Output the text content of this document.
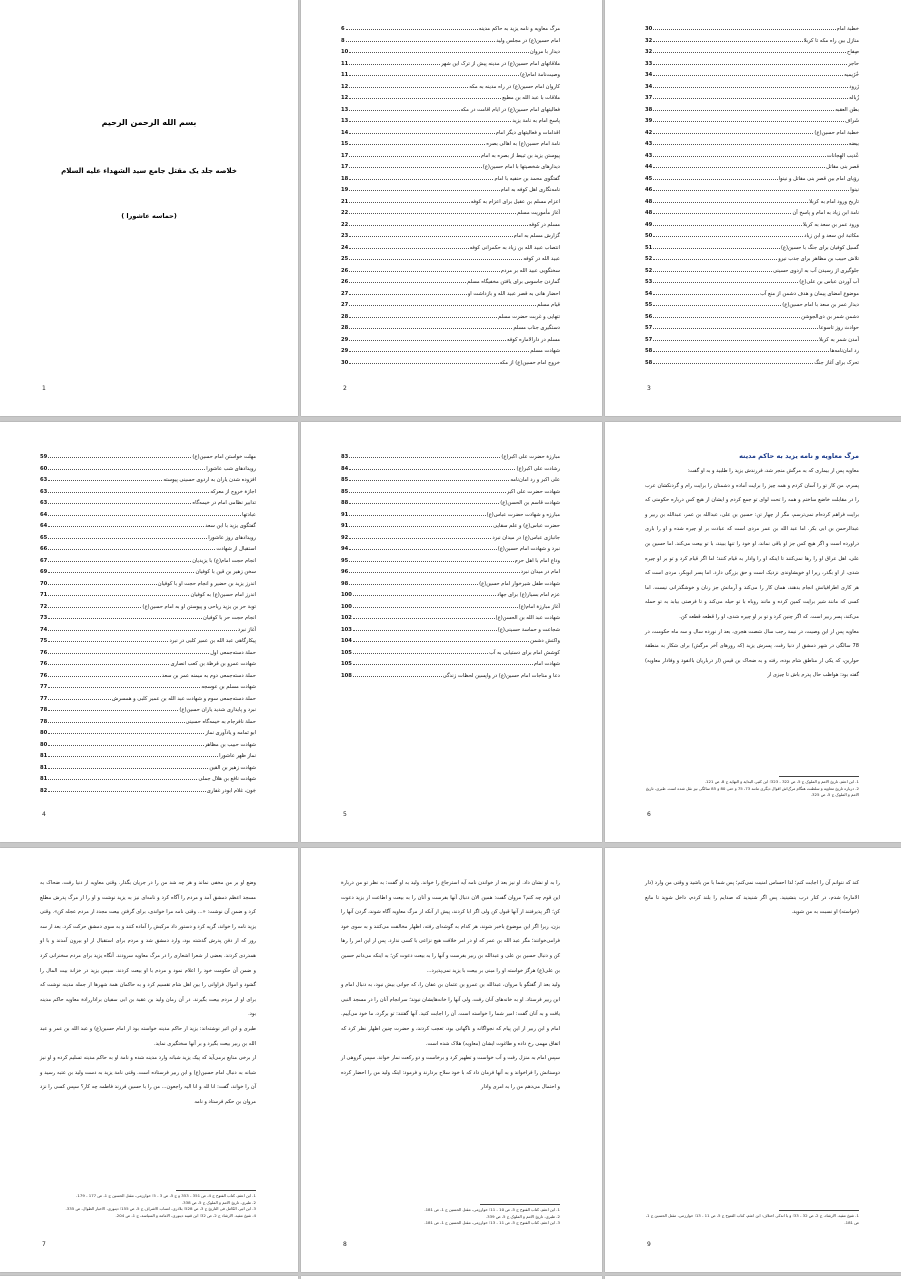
بسم الله الرحمن الرحيم
خلاصه جلد يک مقتل جامع سيد الشهداء عليه السلام
(حماسه عاشورا )
1
مرگ معاويه و نامه يزيد به حاکم مدينه
6
امام حسين(ع) در مجلس وليد
8
ديدار با مروان
10
ملاقاتهای امام حسين(ع) در مدينه پيش از ترک اين شهر
11
وصيت‌نامة امام(ع)
11
کاروان امام حسين(ع) در راه مدينه به مکه
12
ملاقات با عبد الله بن مطيع
12
فعاليتهای امام حسين(ع) در ايام اقامت در مکه
13
پاسخ امام به نامة يزيد
13
اقدامات و فعاليتهای ديگر امام
14
نامة امام حسين(ع) به اهالی بصره
15
پيوستن يزيد بن ثبيط از بصره به امام
17
ديدارهای شخصيتها با امام حسين(ع)
17
گفتگوی محمد بن حنفيه با امام
18
نامه‌نگاری اهل کوفه به امام
19
اعزام مسلم بن عقيل برای اعزام به کوفه
21
آغاز مأموريت مسلم
22
مسلم در کوفه
22
گزارش مسلم به امام
23
انتصاب عبيد الله بن زياد به حکمرانی کوفه
24
عبيد الله در کوفه
25
سخنگويی عبيد الله بر مردم
26
گماردن جاسوس برای يافتن مخفيگاه مسلم
26
احضار هانی به قصر عبيد الله و بازداشت او
27
قيام مسلم
27
تنهايی و غربت حضرت مسلم
28
دستگيری جناب مسلم
28
مسلم در دارالاماره کوفه
29
شهادت مسلم
29
خروج امام حسين(ع) از مکه
30
2
خطبة امام
30
منازل بين راه مکه تا کربلا
32
صِفاح
32
حاجر
33
خُزَيميه
34
زَرود
34
زُباله
37
بطن العقبه
38
شَراف
39
خطبة امام حسين(ع)
42
بيضه
43
عُذيب الهِجانات
43
قصر بنی مقاتل
44
رؤيای امام بين قصر بنی مقاتل و نينوا
45
نينوا
46
تاريخ ورود امام به کربلا
48
نامة ابن زياد به امام و پاسخ آن
48
ورود عمر بن سعد به کربلا
49
مکاتبة ابن سعد و ابن زياد
50
گسيل کوفيان برای جنگ با حسين(ع)
51
تلاش حبيب بن مظاهر برای جذب نيرو
52
جلوگيری از رسيدن آب به اردوی حسينی
52
آب آوردن عباس بن علی(ع)
53
موضوع امضای پيمان و هدف دشمن از منع آب
54
ديدار عمر بن سعد با امام حسين(ع)
55
دشمن شمر بن ذی‌الجوشن
56
حوادث روز تاسوعا
57
آمدن شمر به کربلا
57
رد امان‌نامه‌ها
58
تحرک برای آغاز جنگ
58
3
مهلت خواستن امام حسين(ع)
59
رويدادهای شب عاشورا
60
افزوده شدن ياران به اردوی حسينی پيوسته
63
اجازة خروج از معرکه
63
تدابير نظامی امام در خيمه‌گاه
63
عبادتها
64
گفتگوی يزيد با ابن سعد
64
رويدادهای روز عاشورا
65
استقبال از شهادت
66
انجام حجت امام(ع) با يزيديان
67
سخن زهير بن قين با کوفيان
69
اندرز يزيد بن حضير و انجام حجت او با کوفيان
70
اندرز امام حسين(ع) به کوفيان
71
توبة حر بن يزيد رياحی و پيوستن او به امام حسين(ع)
72
انجام حجت حر با کوفيان
73
آغاز نبرد
74
پيکارگاهی عبد الله بن عمير کلبی در نبرد
75
حملة دسته‌جمعی اول
76
شهادت عمرو بن قرظة بن کعب انصاری
76
حملة دسته‌جمعی دوم به ميمنه عمر بن سعد
76
شهادت مسلم بن عوسجه
77
حملة دسته‌جمعی سوم و شهادت عبد الله بن عمير کلبی و همسرش
77
نبرد و پايداری شديد ياران حسين(ع)
78
حملة نافرجام به خيمه‌گاه حسينی
78
ابو ثمامه و يادآوری نماز
80
شهادت حبيب بن مظاهر
80
نماز ظهر عاشورا
81
شهادت زهير بن القين
81
شهادت نافع بن هلال جملی
81
جَون، غلام ابوذر غفاری
82
4
مبارزة حضرت علی اکبر(ع)
83
رشادت علی اکبر(ع)
84
علی اکبر و رد امان‌نامه
85
شهادت حضرت علی اکبر
85
شهادت قاسم بن الحسن(ع)
88
مبارزه و شهادت حضرت عباس(ع)
91
حضرت عباس(ع) و علم سقايی
91
جانبازی عباس(ع) در ميدان نبرد
92
نبرد و شهادت امام حسين(ع)
94
وداع امام با اهل حرم
95
امام در ميدان نبرد
96
شهادت طفل شيرخوار امام حسين(ع)
98
عزم امام بسيار(ع) برای جهاد
100
آغاز مبارزة امام(ع)
100
شهادت عبد الله بن الحسن(ع)
102
شجاعت و حماسة حسينی(ع)
103
واکنش دشمن
104
کوشش امام برای دستيابی به آب
105
شهادت امام
105
دعا و مناجات امام حسين(ع) در واپسين لحظات زندگی
108
5
مرگ معاويه و نامه يزيد به حاکم مدينه
معاويه پس از بيماری که به مرگش منجر شد، فرزندش يزيد را طلبيد و به او گفت:
پسرم، من کار تو را آسان کردم و همه چيز را برايت آماده و دشمنان را برايت رام و گردنکشان عرب را در مقابلت خاضع ساختم و همه را تحت لوای تو جمع کردم و ايشان از هيچ کس درباره حکومتی که برايت فراهم کرده‌ام نمی‌ترسم، مگر از چهار تن: حسين بن علی، عبدالله بن عمر، عبدالله بن زبير و عبدالرحمن بن ابی بکر. اما عبد الله بن عمر مردی است که عبادت بر او چيره شده و او را بازی دراورده است و اگر هيچ کس جز او باقی نماند، او خود را تنها ببيند، با تو بيعت می‌کند. اما حسين بن علی، اهل عراق او را رها نمی‌کنند تا اينکه او را وادار به قيام کنند؛ اما اگر قيام کرد و تو بر او چيره شدی، از او بگذر، زيرا او خويشاوندی نزديک است و حق بزرگی دارد. اما پسر ابوبکر، مردی است که هر کاری اطرافيانش انجام بدهند، همان کار را می‌کند و آرمانش جز زنان و خوشگذرانی نيست. اما کسی که مانند شير برايت کمين کرده و مانند روباه با تو حيله می‌کند و تا فرصتی بيابد به تو حمله می‌کند، پسر زبير است. که اگر چنين کرد و تو بر او چيره شدی، او را قطعه قطعه کن.
معاويه پس از اين وصيت، در نيمة رجب سال شصت هجری، بعد از نوزده سال و سه ماه حکومت، در 78 سالگی در شهر دمشق از دنيا رفت. پسرش يزيد (که روزهای آخر مرگش) برای شکار به منطقة حوارين، که يکی از مناطق شام بوده، رفته و به ضحاک بن قيس (از درباريان باانفوذ و وفادار معاويه) گفته بود: هواظب حال پدرم باش تا چيزی از
1. ابن اعثم، تاريخ الامم و الملوک ج 5، ص 322 - 323؛ ابن کثير، البداية و النهاية ج 8، ص 121.
2. درباره تاريخ معاويه و سلطنت هنگام مرگ‌اش اقوال ديگری مانند 73، 75 و حتی 80 و 85 سالگی نيز نقل شده است. طبری، تاريخ الامم و الملوک ج 5، ص 325.
6
وضع او بر من مخفی نماند و هر چه شد من را در جريان بگذار. وقتی معاويه از دنيا رفت، ضحاک به مسجد اعظم دمشق آمد و مردم را آگاه کرد و نامه‌ای نيز به يزيد نوشت و او را از مرگ پدرش مطلع کرد و ضمن آن نوشت: «... وقتی نامه مرا خواندی، برای گرفتن بيعت مجدد از مردم عجله کن». وقتی يزيد نامه را خواند، گريه کرد و دستور داد مرکبش را آماده کنند و به سوی دمشق حرکت کرد. بعد از سه روز که از دفن پدرش گذشته بود، وارد دمشق شد و مردم برای استقبال از او بيرون آمدند و با او همدردی کردند. بعضی از شعرا اشعاری را در مرگ معاويه سرودند. آنگاه يزيد برای مردم سخنرانی کرد و ضمن آن حکومت خود را اعلام نمود و مردم با او بيعت کردند. سپس يزيد در خزانة بيت المال را گشود و اموال فراوانی را بين اهل شام تقسيم کرد و به حاکمان همة شهرها از جمله مدينه نوشت که برای او از مردم بيعت بگيرند. در آن زمان وليد بن عقبة بن ابی سفيان براداررادة معاويه حاکم مدينه بود.
طبری و ابن اثير نوشته‌اند: يزيد از حاکم مدينه خواسته بود از امام حسين(ع) و عبد الله بن عمر و عبد الله بن زبير بيعت بگيرد و بر آنها سختگيری نمايد.
از برخی منابع برمی‌آيد که پيک يزيد شبانه وارد مدينه شده و نامة او به حاکم مدينه تسليم کرده و او نيز شبانه به دنبال امام حسين(ع) و ابن زبير فرستاده است. وقتی نامة يزيد به دست وليد بن عتبه رسيد و آن را خواند، گفت: انا لله و انا اليه راجعون... من را با حسين فرزند فاطمه چه کار؟ سپس کسی را نزد مروان بن حکم فرستاد و نامه
1. ابن اعثم، کتاب الفتوح ج 4، ص 351 - 353 و ج 5، ص 3 - 5؛ خوارزمی، مقتل الحسين ج 1، ص 177 - 179.
2. طبری، تاريخ الامم و الملوک ج 5، ص 338.
3. ابن اثير، الکامل فی التاريخ ج 3، ص 528؛ بلاذری، انساب الاشراف ج 5، ص 155؛ دينوری، الاخبار الطوال، ص 335.
4. شيخ مفيد، الارشاد ج 2، ص 32؛ ابن قتيبه دينوری، الامامة و السياسة، ج 1، ص 204.
7
را به او نشان داد. او نيز بعد از خواندن نامه آيه استرجاع را خواند. وليد به او گفت: به نظر تو من دربارة اين قوم چه کنم؟ مروان گفت: همين الان دنبال آنها بفرست و آنان را به بيعت و اطاعت از يزيد دعوت کن؛ اگر پذيرفتند از آنها قبول کن ولی اگر ابا کردند، پيش از آنکه از مرگ معاويه آگاه شوند، گردن آنها را بزن، زيرا اگر اين موضوع باخبر شوند، هر کدام به گوشه‌ای رفته، اظهار مخالفت می‌کنند و به سوی خود فرامی‌خوانند؛ مگر عبد الله بن عمر که او در امر خلافت هيچ نزاعی با کسی ندارد. پس از اين امر را رها کن و دنبال حسين بن علی و عبدالله بن زبير بفرست و آنها را به بيعت دعوت کن؛ به اينکه می‌دانم حسين بن علی(ع) هرگز خواسته او را مبنی بر بيعت با يزيد نمی‌پذيرد...
وليد بعد از گفتگو با مروان، عبدالله بن عمرو بن عثمان بن عفان را، که جوانی بيش نبود، به دنبال امام و ابن زبير فرستاد. او به خانه‌های آنان رفت، ولی آنها را خانه‌هايشان نيوند؛ سرانجام آنان را در مسجد النبی يافت و به آنان گفت: امير شما را خواسته است. آن را اجابت کنيد. آنها گفتند: تو برگرد، ما خود می‌آييم. امام و ابن زبير از اين پيام که نجواگانه و ناگهانی بود، تعجب کردند، و حضرت چنين اظهار نظر کرد که اتفاق مهمی رخ داده و طاغوت ايشان (معاويه) هلاک شده است.
سپس امام به منزل رفت و آب خواست و تطهير کرد و برخاست و دو رکعت نماز خواند. سپس گروهی از دوستانش را فراخواند و به آنها فرمان داد که با خود سلاح بردارند و فرمود: اينک وليد من را احضار کرده و احتمال می‌دهم من را به امری وادار
1. ابن اعثم، کتاب الفتوح ج 5، ص 10 - 11؛ خوارزمی، مقتل الحسين ج 1، ص 181.
2. طبری، تاريخ الامم و الملوک ج 5، ص 339.
3. ابن اعثم، کتاب الفتوح ج 5، ص 11 - 13؛ خوارزمی، مقتل الحسين ج 1، ص 181.
8
کند که نتوانم آن را اجابت کنم؛ لذا احساس امنيت نمی‌کنم؛ پس شما با من باشيد و وقتی من وارد (دار الاماره) شدم، در کنار درب بنشينيد. پس اگر شنيديد که صدايم را بلند کردم، داخل شويد تا مانع (خواسته) او نسبت به من شويد.
1. شيخ مفيد، الارشاد، ج 2، ص 32 - 33؛ و با اندکی اختلاف: ابن اعثم، کتاب الفتوح ج 5، ص 11 - 13؛ خوارزمی، مقتل الحسين ج 1، ص 181.
9
